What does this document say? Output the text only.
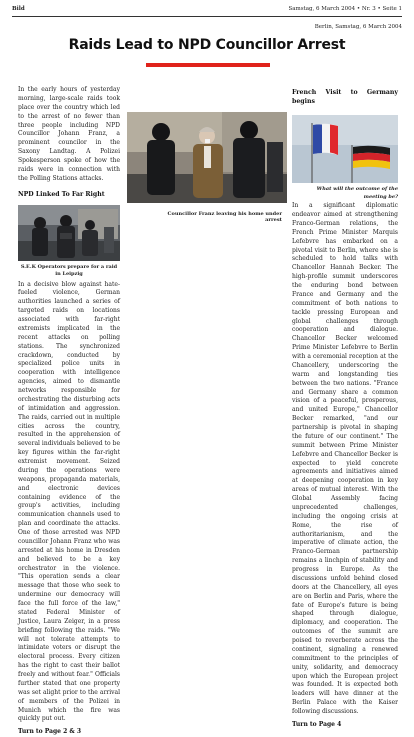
Bild	Samstag, 6 March 2004 • Nr. 3 • Seite 1
Berlin, Samstag, 6 March 2004
Raids Lead to NPD Councillor Arrest

In the early hours of yesterday morning, large-scale raids took place over the country which led to the arrest of no fewer than three people including NPD Councillor Johann Franz, a prominent councilor in the Saxony Landtag. A Polizei Spokesperson spoke of how the raids were in connection with the Polling Stations attacks.

NPD Linked To Far Right
S.E.K Operators prepare for a raid in Leipzig

In a decisive blow against hate-fueled violence, German authorities launched a series of targeted raids on locations associated with far-right extremists implicated in the recent attacks on polling stations. The synchronized crackdown, conducted by specialized police units in cooperation with intelligence agencies, aimed to dismantle networks responsible for orchestrating the disturbing acts of intimidation and aggression. The raids, carried out in multiple cities across the country, resulted in the apprehension of several individuals believed to be key figures within the far-right extremist movement. Seized during the operations were weapons, propaganda materials, and electronic devices containing evidence of the group's activities, including communication channels used to plan and coordinate the attacks. One of those arrested was NPD councillor Johann Franz who was arrested at his home in Dresden and believed to be a key orchestrator in the violence. "This operation sends a clear message that those who seek to undermine our democracy will face the full force of the law," stated Federal Minister of Justice, Laura Zeiger, in a press briefing following the raids. "We will not tolerate attempts to intimidate voters or disrupt the electoral process. Every citizen has the right to cast their ballot freely and without fear." Officials further stated that one property was set alight prior to the arrival of members of the Polizei in Munich which the fire was quickly put out.

Turn to Page 2 & 3
Councillor Franz leaving his home under arrest
French Visit to Germany begins
What will the outcome of the meeting be?

In a significant diplomatic endeavor aimed at strengthening Franco-German relations, the French Prime Minister Marquis Lefebvre has embarked on a pivotal visit to Berlin, where she is scheduled to hold talks with Chancellor Hannah Becker. The high-profile summit underscores the enduring bond between France and Germany and the commitment of both nations to tackle pressing European and global challenges through cooperation and dialogue. Chancellor Becker welcomed Prime Minister Lefebvre to Berlin with a ceremonial reception at the Chancellery, underscoring the warm and longstanding ties between the two nations. "France and Germany share a common vision of a peaceful, prosperous, and united Europe," Chancellor Becker remarked, "and our partnership is pivotal in shaping the future of our continent." The summit between Prime Minister Lefebvre and Chancellor Becker is expected to yield concrete agreements and initiatives aimed at deepening cooperation in key areas of mutual interest. With the Global Assembly facing unprecedented challenges, including the ongoing crisis at Rome, the rise of authoritarianism, and the imperative of climate action, the Franco-German partnership remains a linchpin of stability and progress in Europe. As the discussions unfold behind closed doors at the Chancellery, all eyes are on Berlin and Paris, where the fate of Europe's future is being shaped through dialogue, diplomacy, and cooperation. The outcomes of the summit are poised to reverberate across the continent, signaling a renewed commitment to the principles of unity, solidarity, and democracy upon which the European project was founded. It is expected both leaders will have dinner at the Berlin Palace with the Kaiser following discussions.

Turn to Page 4
